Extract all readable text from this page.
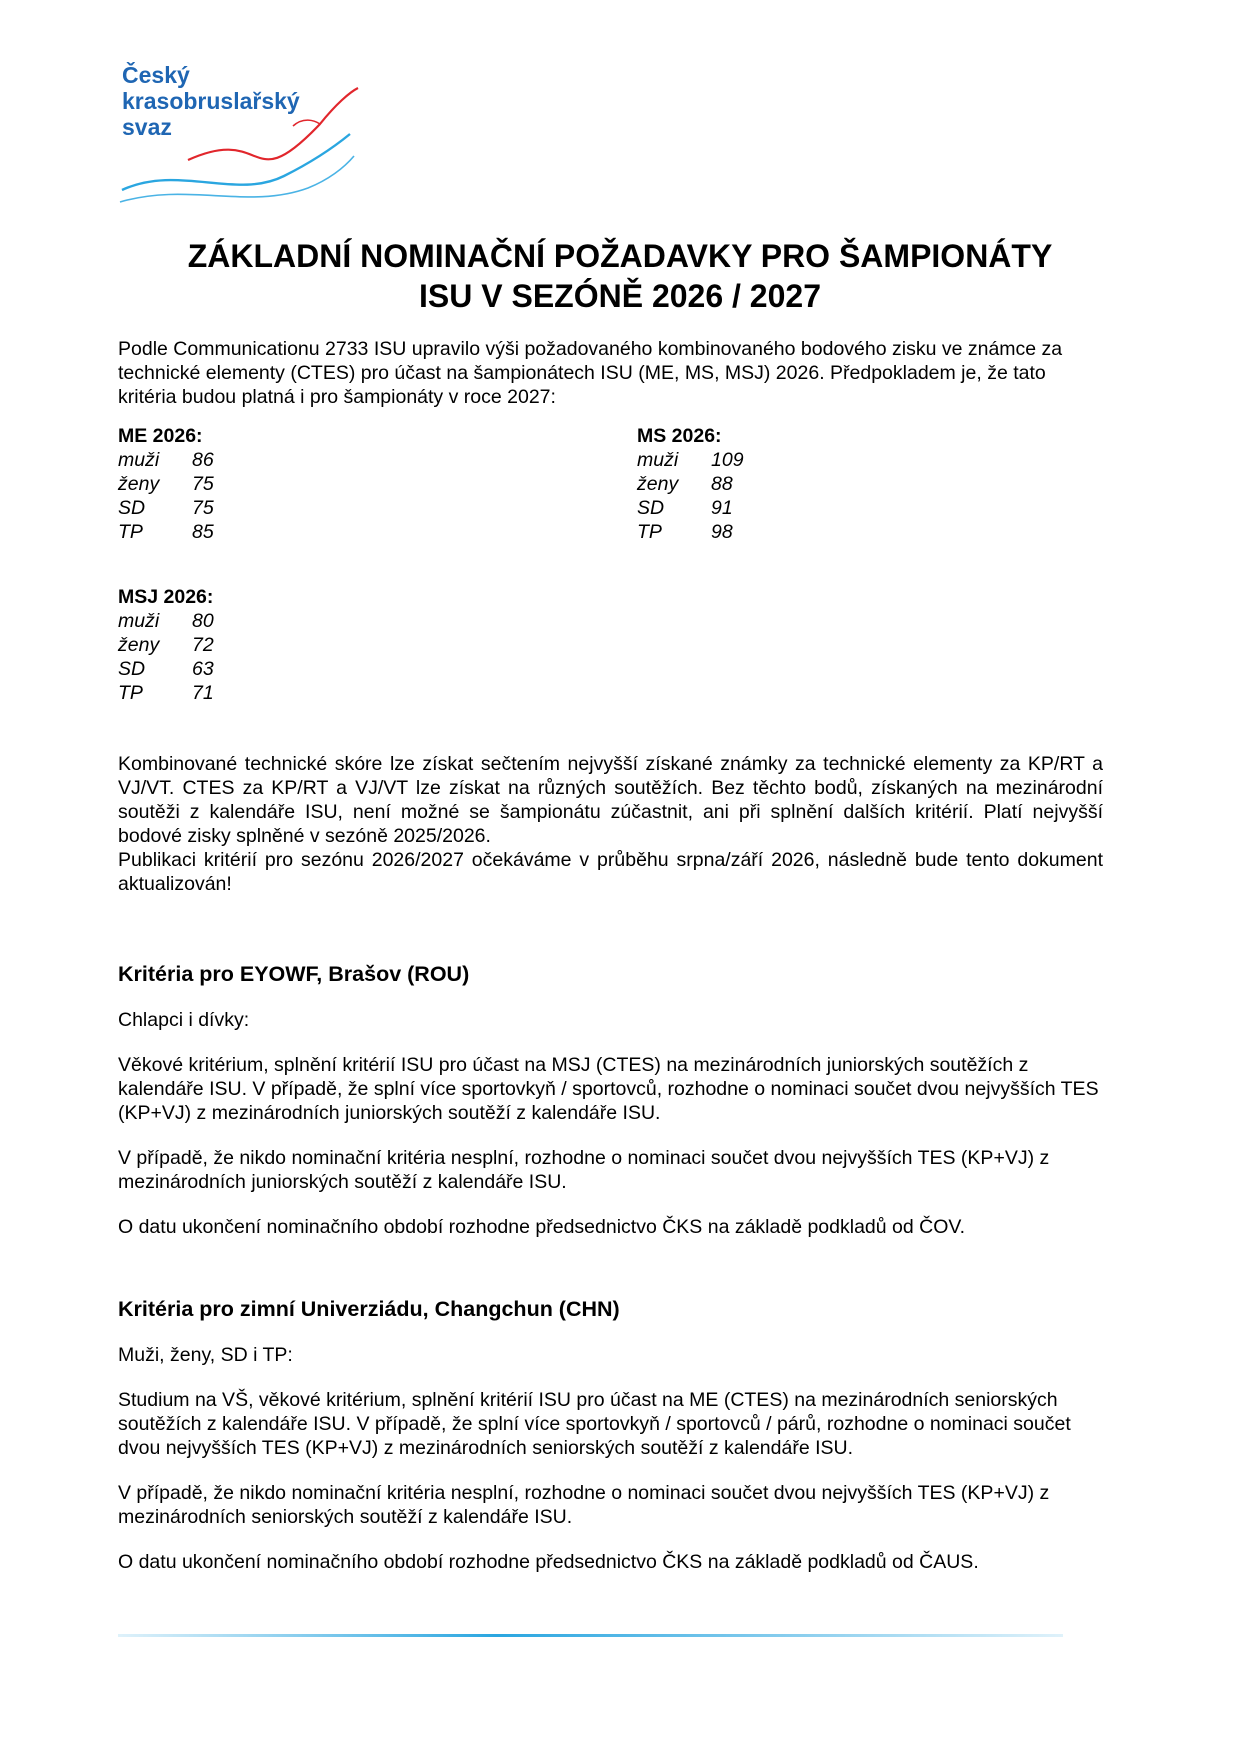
Český
krasobruslařský
svaz
ZÁKLADNÍ NOMINAČNÍ POŽADAVKY PRO ŠAMPIONÁTY
ISU V SEZÓNĚ 2026 / 2027

Podle Communicationu 2733 ISU upravilo výši požadovaného kombinovaného bodového zisku ve známce za technické elementy (CTES) pro účast na šampionátech ISU (ME, MS, MSJ) 2026. Předpokladem je, že tato kritéria budou platná i pro šampionáty v roce 2027:

ME 2026:
muži	86
ženy	75
SD	75
TP	85
MS 2026:
muži	109
ženy	88
SD	91
TP	98
MSJ 2026:
muži	80
ženy	72
SD	63
TP	71

Kombinované technické skóre lze získat sečtením nejvyšší získané známky za technické elementy za KP/RT a VJ/VT. CTES za KP/RT a VJ/VT lze získat na různých soutěžích. Bez těchto bodů, získaných na mezinárodní soutěži z kalendáře ISU, není možné se šampionátu zúčastnit, ani při splnění dalších kritérií. Platí nejvyšší bodové zisky splněné v sezóně 2025/2026.

Publikaci kritérií pro sezónu 2026/2027 očekáváme v průběhu srpna/září 2026, následně bude tento dokument aktualizován!

Kritéria pro EYOWF, Brašov (ROU)

Chlapci i dívky:

Věkové kritérium, splnění kritérií ISU pro účast na MSJ (CTES) na mezinárodních juniorských soutěžích z kalendáře ISU. V případě, že splní více sportovkyň / sportovců, rozhodne o nominaci součet dvou nejvyšších TES (KP+VJ) z mezinárodních juniorských soutěží z kalendáře ISU.

V případě, že nikdo nominační kritéria nesplní, rozhodne o nominaci součet dvou nejvyšších TES (KP+VJ) z mezinárodních juniorských soutěží z kalendáře ISU.

O datu ukončení nominačního období rozhodne předsednictvo ČKS na základě podkladů od ČOV.

Kritéria pro zimní Univerziádu, Changchun (CHN)

Muži, ženy, SD i TP:

Studium na VŠ, věkové kritérium, splnění kritérií ISU pro účast na ME (CTES) na mezinárodních seniorských soutěžích z kalendáře ISU. V případě, že splní více sportovkyň / sportovců / párů, rozhodne o nominaci součet dvou nejvyšších TES (KP+VJ) z mezinárodních seniorských soutěží z kalendáře ISU.

V případě, že nikdo nominační kritéria nesplní, rozhodne o nominaci součet dvou nejvyšších TES (KP+VJ) z mezinárodních seniorských soutěží z kalendáře ISU.

O datu ukončení nominačního období rozhodne předsednictvo ČKS na základě podkladů od ČAUS.
